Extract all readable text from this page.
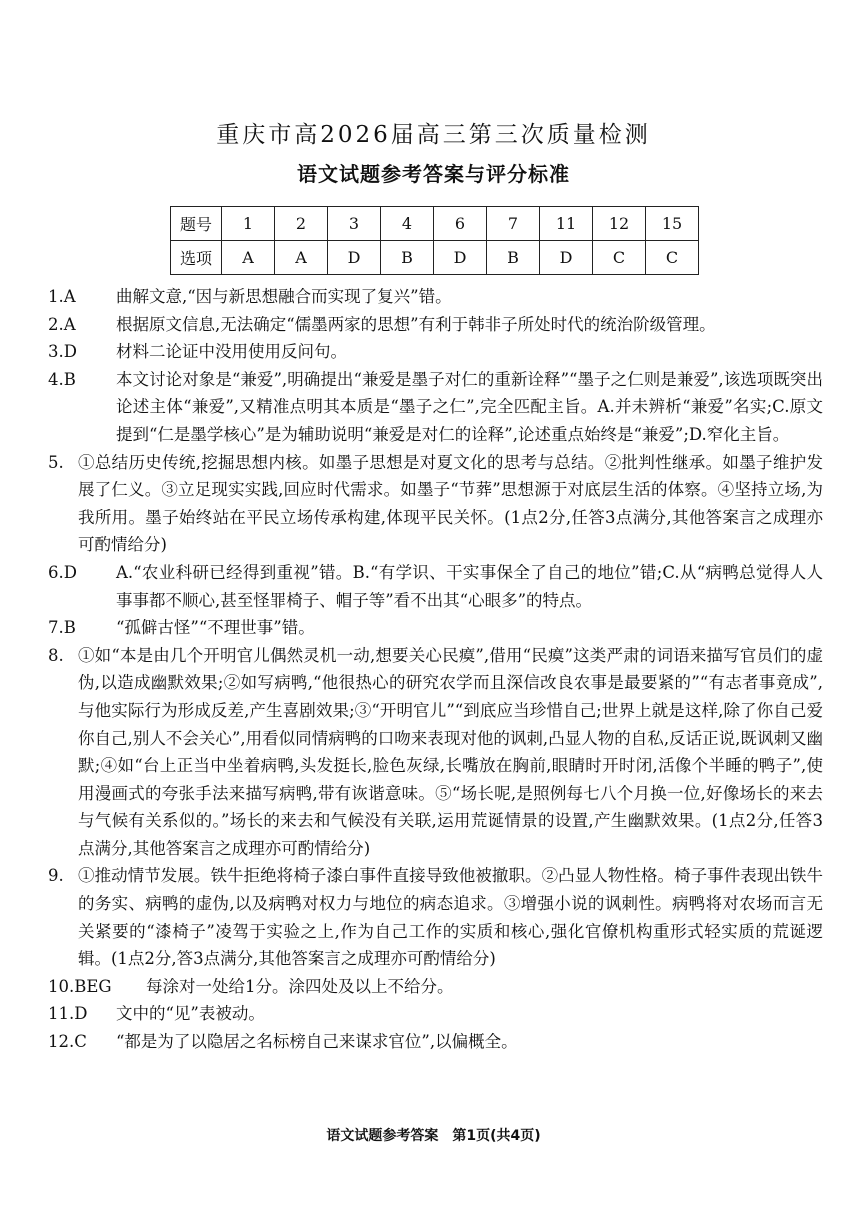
重庆市高2026届高三第三次质量检测
语文试题参考答案与评分标准
题号	1	2	3	4	6	7	11	12	15
选项	A	A	D	B	D	B	D	C	C
1.A	曲解文意,“因与新思想融合而实现了复兴”错。
2.A	根据原文信息,无法确定“儒墨两家的思想”有利于韩非子所处时代的统治阶级管理。
3.D	材料二论证中没用使用反问句。
4.B	本文讨论对象是“兼爱”,明确提出“兼爱是墨子对仁的重新诠释”“墨子之仁则是兼爱”,该选项既突出论述主体“兼爱”,又精准点明其本质是“墨子之仁”,完全匹配主旨。A.并未辨析“兼爱”名实;C.原文提到“仁是墨学核心”是为辅助说明“兼爱是对仁的诠释”,论述重点始终是“兼爱”;D.窄化主旨。
5. ①总结历史传统,挖掘思想内核。如墨子思想是对夏文化的思考与总结。②批判性继承。如墨子维护发展了仁义。③立足现实实践,回应时代需求。如墨子“节葬”思想源于对底层生活的体察。④坚持立场,为我所用。墨子始终站在平民立场传承构建,体现平民关怀。(1点2分,任答3点满分,其他答案言之成理亦可酌情给分)
6.D	A.“农业科研已经得到重视”错。B.“有学识、干实事保全了自己的地位”错;C.从“病鸭总觉得人人事事都不顺心,甚至怪罪椅子、帽子等”看不出其“心眼多”的特点。
7.B	“孤僻古怪”“不理世事”错。
8. ①如“本是由几个开明官儿偶然灵机一动,想要关心民瘼”,借用“民瘼”这类严肃的词语来描写官员们的虚伪,以造成幽默效果;②如写病鸭,“他很热心的研究农学而且深信改良农事是最要紧的”“有志者事竟成”,与他实际行为形成反差,产生喜剧效果;③“开明官儿”“到底应当珍惜自己;世界上就是这样,除了你自己爱你自己,别人不会关心”,用看似同情病鸭的口吻来表现对他的讽刺,凸显人物的自私,反话正说,既讽刺又幽默;④如“台上正当中坐着病鸭,头发挺长,脸色灰绿,长嘴放在胸前,眼睛时开时闭,活像个半睡的鸭子”,使用漫画式的夸张手法来描写病鸭,带有诙谐意味。⑤“场长呢,是照例每七八个月换一位,好像场长的来去与气候有关系似的。”场长的来去和气候没有关联,运用荒诞情景的设置,产生幽默效果。(1点2分,任答3点满分,其他答案言之成理亦可酌情给分)
9. ①推动情节发展。铁牛拒绝将椅子漆白事件直接导致他被撤职。②凸显人物性格。椅子事件表现出铁牛的务实、病鸭的虚伪,以及病鸭对权力与地位的病态追求。③增强小说的讽刺性。病鸭将对农场而言无关紧要的“漆椅子”凌驾于实验之上,作为自己工作的实质和核心,强化官僚机构重形式轻实质的荒诞逻辑。(1点2分,答3点满分,其他答案言之成理亦可酌情给分)
10.BEG	每涂对一处给1分。涂四处及以上不给分。
11.D	文中的“见”表被动。
12.C	“都是为了以隐居之名标榜自己来谋求官位”,以偏概全。
语文试题参考答案　第1页(共4页)
